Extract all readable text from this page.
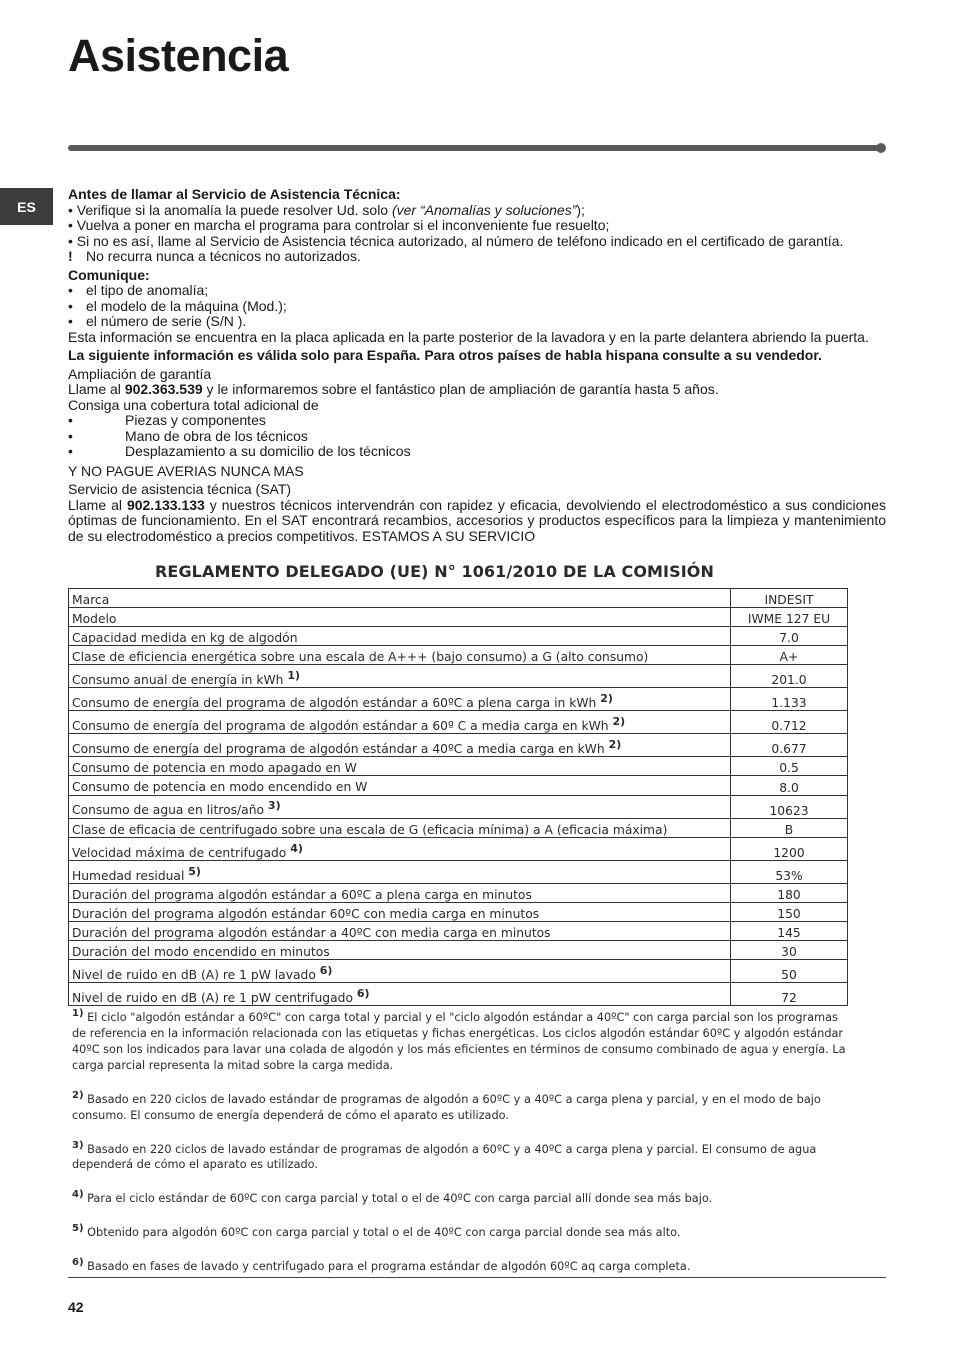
Asistencia
ES

Antes de llamar al Servicio de Asistencia Técnica:

• Verifique si la anomalía la puede resolver Ud. solo (ver “Anomalías y soluciones”);

• Vuelva a poner en marcha el programa para controlar si el inconveniente fue resuelto;

• Si no es así, llame al Servicio de Asistencia técnica autorizado, al número de teléfono indicado en el certificado de garantía.

! No recurra nunca a técnicos no autorizados.

Comunique:

• el tipo de anomalía;
• el modelo de la máquina (Mod.);
• el número de serie (S/N ).

Esta información se encuentra en la placa aplicada en la parte posterior de la lavadora y en la parte delantera abriendo la puerta.

La siguiente información es válida solo para España. Para otros países de habla hispana consulte a su vendedor.

Ampliación de garantía

Llame al 902.363.539 y le informaremos sobre el fantástico plan de ampliación de garantía hasta 5 años.

Consiga una cobertura total adicional de

•	Piezas y componentes
•	Mano de obra de los técnicos
•	Desplazamiento a su domicilio de los técnicos

Y NO PAGUE AVERIAS NUNCA MAS

Servicio de asistencia técnica (SAT)

Llame al 902.133.133 y nuestros técnicos intervendrán con rapidez y eficacia, devolviendo el electrodoméstico a sus condiciones óptimas de funcionamiento. En el SAT encontrará recambios, accesorios y productos específicos para la limpieza y mantenimiento de su electrodoméstico a precios competitivos. ESTAMOS A SU SERVICIO

REGLAMENTO DELEGADO (UE) N° 1061/2010 DE LA COMISIÓN
Marca	INDESIT
Modelo	IWME 127 EU
Capacidad medida en kg de algodón	7.0
Clase de eficiencia energética sobre una escala de A+++ (bajo consumo) a G (alto consumo)	A+
Consumo anual de energía in kWh $^{1)}$	201.0
Consumo de energía del programa de algodón estándar a 60ºC a plena carga in kWh $^{2)}$	1.133
Consumo de energía del programa de algodón estándar a 60º C a media carga en kWh $^{2)}$	0.712
Consumo de energía del programa de algodón estándar a 40ºC a media carga en kWh $^{2)}$	0.677
Consumo de potencia en modo apagado en W	0.5
Consumo de potencia en modo encendido en W	8.0
Consumo de agua en litros/año $^{3)}$	10623
Clase de eficacia de centrifugado sobre una escala de G (eficacia mínima) a A (eficacia máxima)	B
Velocidad máxima de centrifugado $^{4)}$	1200
Humedad residual $^{5)}$	53%
Duración del programa algodón estándar a 60ºC a plena carga en minutos	180
Duración del programa algodón estándar 60ºC con media carga en minutos	150
Duración del programa algodón estándar a 40ºC con media carga en minutos	145
Duración del modo encendido en minutos	30
Nivel de ruido en dB (A) re 1 pW lavado $^{6)}$	50
Nivel de ruido en dB (A) re 1 pW centrifugado $^{6)}$	72

$^{1)}$ El ciclo "algodón estándar a 60ºC" con carga total y parcial y el "ciclo algodón estándar a 40ºC" con carga parcial son los programas de referencia en la información relacionada con las etiquetas y fichas energéticas. Los ciclos algodón estándar 60ºC y algodón estándar 40ºC son los indicados para lavar una colada de algodón y los más eficientes en términos de consumo combinado de agua y energía. La carga parcial representa la mitad sobre la carga medida.

$^{2)}$ Basado en 220 ciclos de lavado estándar de programas de algodón a 60ºC y a 40ºC a carga plena y parcial, y en el modo de bajo consumo. El consumo de energía dependerá de cómo el aparato es utilizado.

$^{3)}$ Basado en 220 ciclos de lavado estándar de programas de algodón a 60ºC y a 40ºC a carga plena y parcial. El consumo de agua dependerá de cómo el aparato es utilizado.

$^{4)}$ Para el ciclo estándar de 60ºC con carga parcial y total o el de 40ºC con carga parcial allí donde sea más bajo.

$^{5)}$ Obtenido para algodón 60ºC con carga parcial y total o el de 40ºC con carga parcial donde sea más alto.

$^{6)}$ Basado en fases de lavado y centrifugado para el programa estándar de algodón 60ºC aq carga completa.

42
